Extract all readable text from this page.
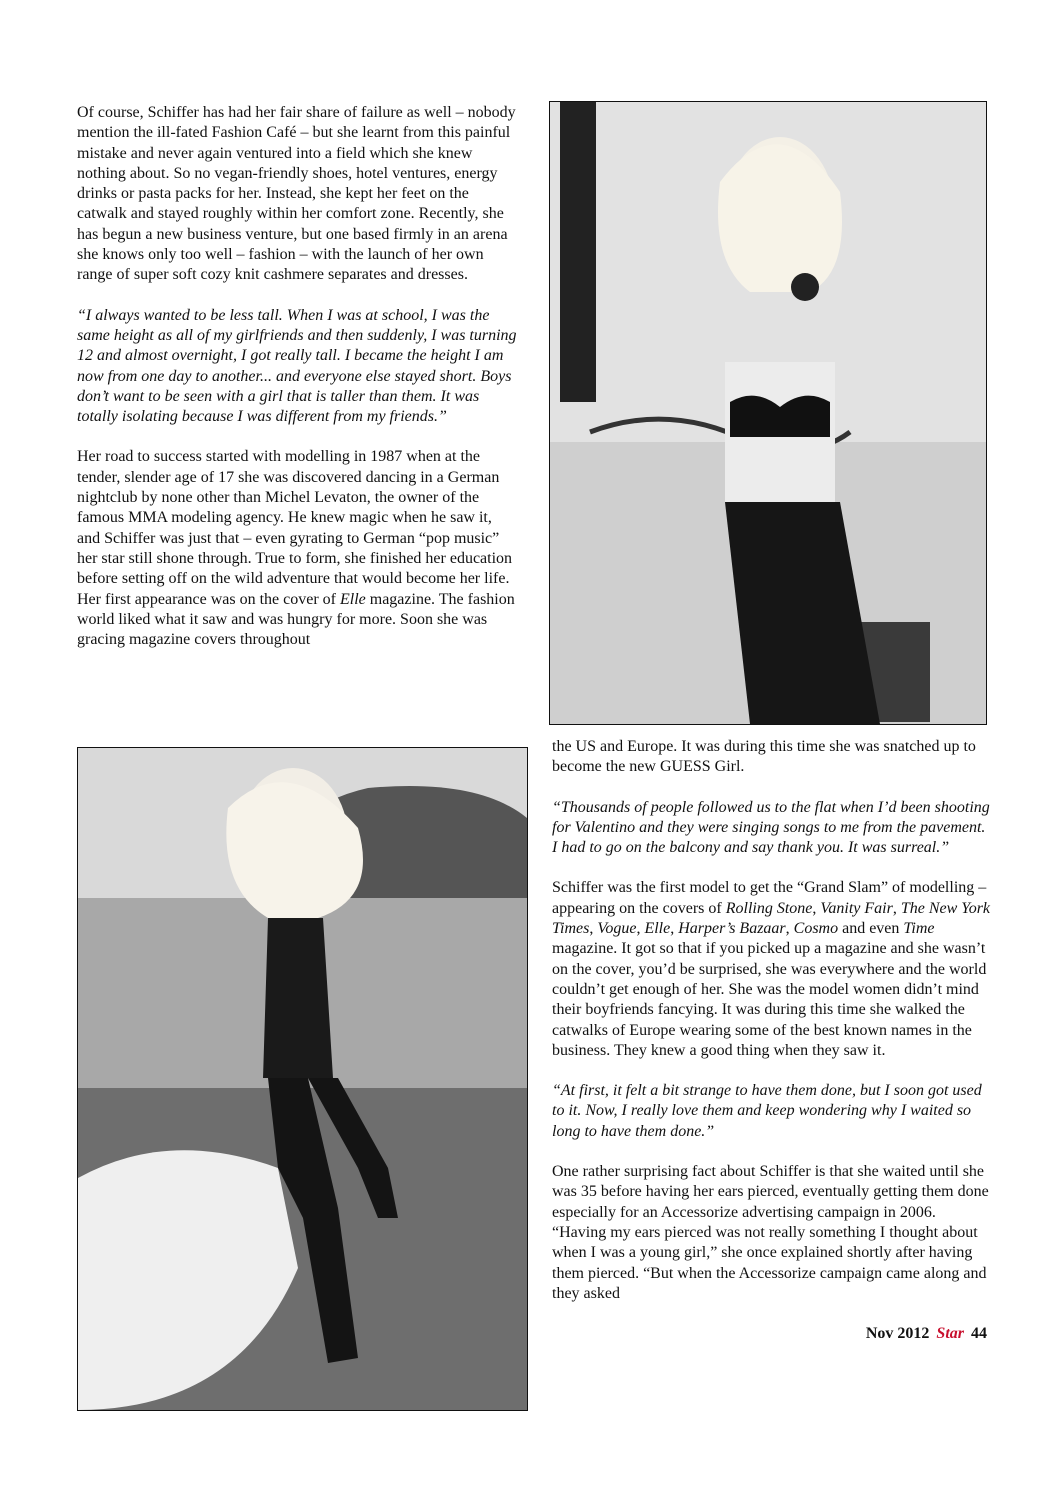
Of course, Schiffer has had her fair share of failure as well – nobody mention the ill-fated Fashion Café – but she learnt from this painful mistake and never again ventured into a field which she knew nothing about. So no vegan-friendly shoes, hotel ventures, energy drinks or pasta packs for her. Instead, she kept her feet on the catwalk and stayed roughly within her comfort zone. Recently, she has begun a new business venture, but one based firmly in an arena she knows only too well – fashion – with the launch of her own range of super soft cozy knit cashmere separates and dresses.

“I always wanted to be less tall. When I was at school, I was the same height as all of my girlfriends and then suddenly, I was turning 12 and almost overnight, I got really tall. I became the height I am now from one day to another... and everyone else stayed short. Boys don’t want to be seen with a girl that is taller than them. It was totally isolating because I was different from my friends.”

Her road to success started with modelling in 1987 when at the tender, slender age of 17 she was discovered dancing in a German nightclub by none other than Michel Levaton, the owner of the famous MMA modeling agency. He knew magic when he saw it, and Schiffer was just that – even gyrating to German “pop music” her star still shone through. True to form, she finished her education before setting off on the wild adventure that would become her life. Her first appearance was on the cover of Elle magazine. The fashion world liked what it saw and was hungry for more. Soon she was gracing magazine covers throughout

the US and Europe. It was during this time she was snatched up to become the new GUESS Girl.

“Thousands of people followed us to the flat when I’d been shooting for Valentino and they were singing songs to me from the pavement. I had to go on the balcony and say thank you. It was surreal.”

Schiffer was the first model to get the “Grand Slam” of modelling – appearing on the covers of Rolling Stone, Vanity Fair, The New York Times, Vogue, Elle, Harper’s Bazaar, Cosmo and even Time magazine. It got so that if you picked up a magazine and she wasn’t on the cover, you’d be surprised, she was everywhere and the world couldn’t get enough of her. She was the model women didn’t mind their boyfriends fancying. It was during this time she walked the catwalks of Europe wearing some of the best known names in the business. They knew a good thing when they saw it.

“At first, it felt a bit strange to have them done, but I soon got used to it. Now, I really love them and keep wondering why I waited so long to have them done.”

One rather surprising fact about Schiffer is that she waited until she was 35 before having her ears pierced, eventually getting them done especially for an Accessorize advertising campaign in 2006. “Having my ears pierced was not really something I thought about when I was a young girl,” she once explained shortly after having them pierced. “But when the Accessorize campaign came along and they asked

Nov 2012 Star 44
